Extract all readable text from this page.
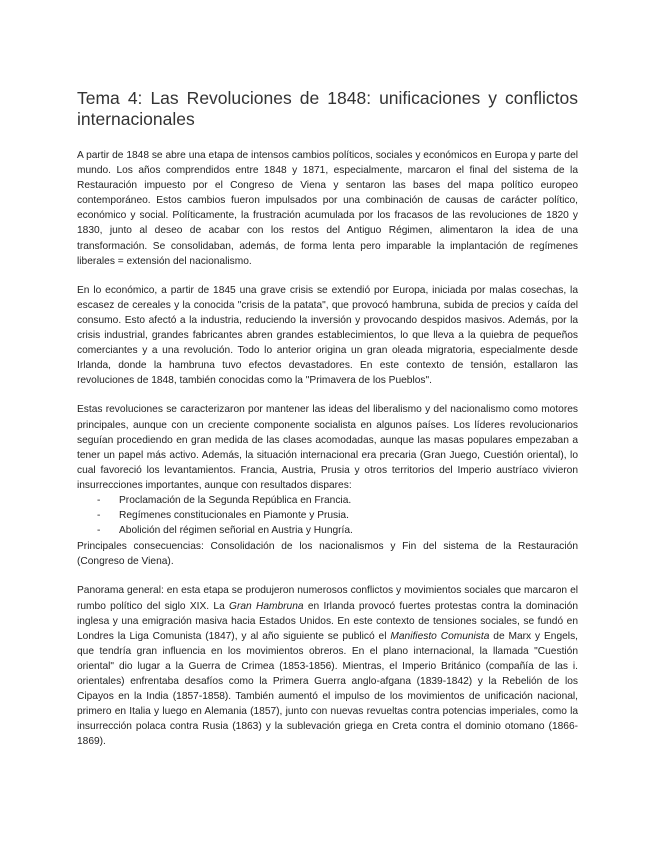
Tema 4: Las Revoluciones de 1848: unificaciones y conflictos internacionales

A partir de 1848 se abre una etapa de intensos cambios políticos, sociales y económicos en Europa y parte del mundo. Los años comprendidos entre 1848 y 1871, especialmente, marcaron el final del sistema de la Restauración impuesto por el Congreso de Viena y sentaron las bases del mapa político europeo contemporáneo. Estos cambios fueron impulsados por una combinación de causas de carácter político, económico y social. Políticamente, la frustración acumulada por los fracasos de las revoluciones de 1820 y 1830, junto al deseo de acabar con los restos del Antiguo Régimen, alimentaron la idea de una transformación. Se consolidaban, además, de forma lenta pero imparable la implantación de regímenes liberales = extensión del nacionalismo.

En lo económico, a partir de 1845 una grave crisis se extendió por Europa, iniciada por malas cosechas, la escasez de cereales y la conocida "crisis de la patata", que provocó hambruna, subida de precios y caída del consumo. Esto afectó a la industria, reduciendo la inversión y provocando despidos masivos. Además, por la crisis industrial, grandes fabricantes abren grandes establecimientos, lo que lleva a la quiebra de pequeños comerciantes y a una revolución. Todo lo anterior origina un gran oleada migratoria, especialmente desde Irlanda, donde la hambruna tuvo efectos devastadores. En este contexto de tensión, estallaron las revoluciones de 1848, también conocidas como la "Primavera de los Pueblos".

Estas revoluciones se caracterizaron por mantener las ideas del liberalismo y del nacionalismo como motores principales, aunque con un creciente componente socialista en algunos países. Los líderes revolucionarios seguían procediendo en gran medida de las clases acomodadas, aunque las masas populares empezaban a tener un papel más activo. Además, la situación internacional era precaria (Gran Juego, Cuestión oriental), lo cual favoreció los levantamientos. Francia, Austria, Prusia y otros territorios del Imperio austríaco vivieron insurrecciones importantes, aunque con resultados dispares:

- Proclamación de la Segunda República en Francia.
- Regímenes constitucionales en Piamonte y Prusia.
- Abolición del régimen señorial en Austria y Hungría.

Principales consecuencias: Consolidación de los nacionalismos y Fin del sistema de la Restauración (Congreso de Viena).

Panorama general: en esta etapa se produjeron numerosos conflictos y movimientos sociales que marcaron el rumbo político del siglo XIX. La Gran Hambruna en Irlanda provocó fuertes protestas contra la dominación inglesa y una emigración masiva hacia Estados Unidos. En este contexto de tensiones sociales, se fundó en Londres la Liga Comunista (1847), y al año siguiente se publicó el Manifiesto Comunista de Marx y Engels, que tendría gran influencia en los movimientos obreros. En el plano internacional, la llamada "Cuestión oriental" dio lugar a la Guerra de Crimea (1853-1856). Mientras, el Imperio Británico (compañía de las i. orientales) enfrentaba desafíos como la Primera Guerra anglo-afgana (1839-1842) y la Rebelión de los Cipayos en la India (1857-1858). También aumentó el impulso de los movimientos de unificación nacional, primero en Italia y luego en Alemania (1857), junto con nuevas revueltas contra potencias imperiales, como la insurrección polaca contra Rusia (1863) y la sublevación griega en Creta contra el dominio otomano (1866-1869).
